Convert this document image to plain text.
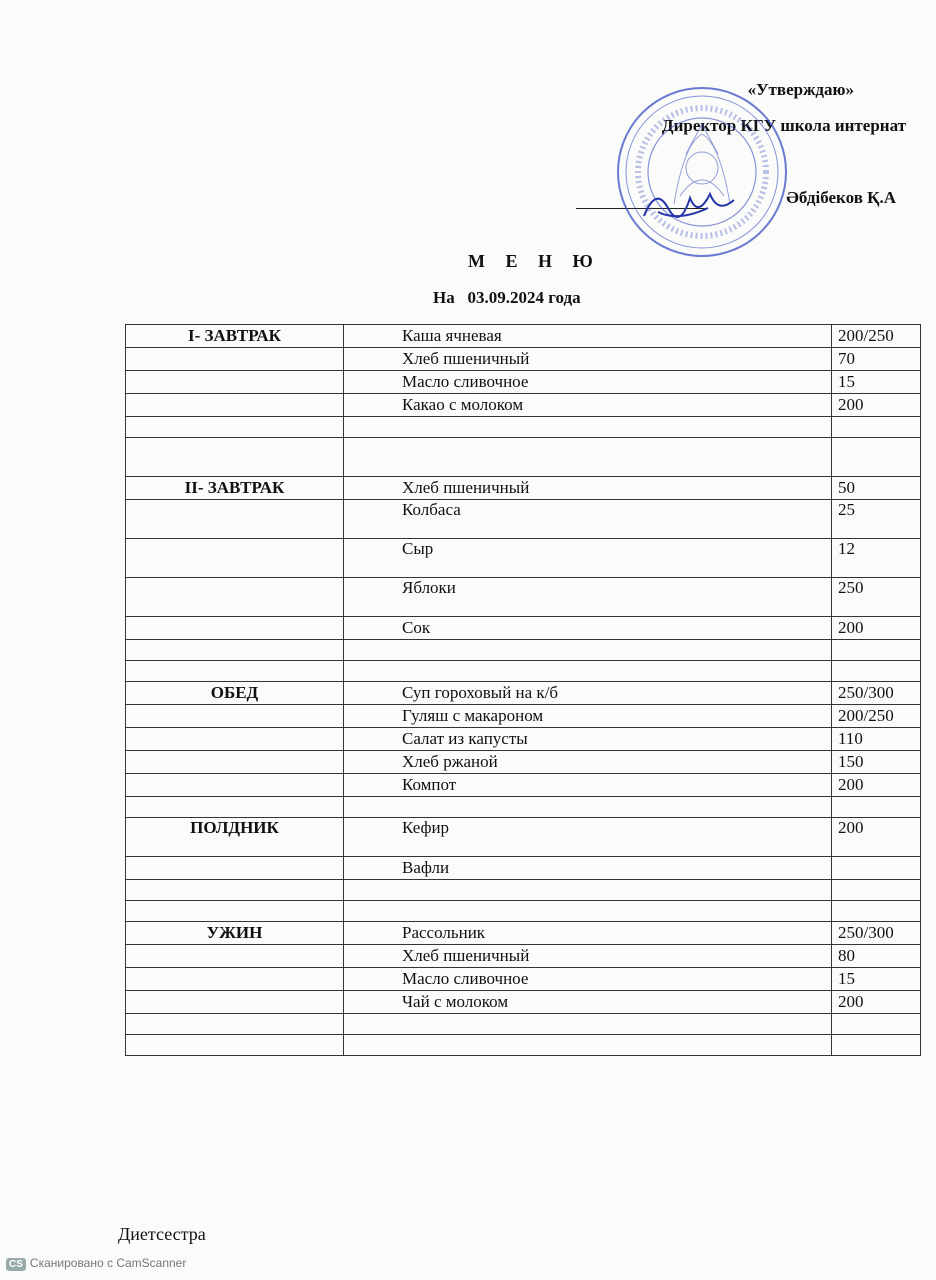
«Утверждаю»
Директор КГУ школа интернат
Әбдібеков Қ.А
М Е Н Ю
На   03.09.2024 года
I- ЗАВТРАК	Каша ячневая	200/250
	Хлеб пшеничный	70
	Масло сливочное	15
	Какао с молоком	200

II- ЗАВТРАК	Хлеб пшеничный	50
	Колбаса	25
	Сыр	12
	Яблоки	250
	Сок	200

ОБЕД	Суп гороховый на к/б	250/300
	Гуляш с макароном	200/250
	Салат из капусты	110
	Хлеб ржаной	150
	Компот	200

ПОЛДНИК	Кефир	200
	Вафли	

УЖИН	Рассольник	250/300
	Хлеб пшеничный	80
	Масло сливочное	15
	Чай с молоком	200

Диетсестра
CS Сканировано с CamScanner
